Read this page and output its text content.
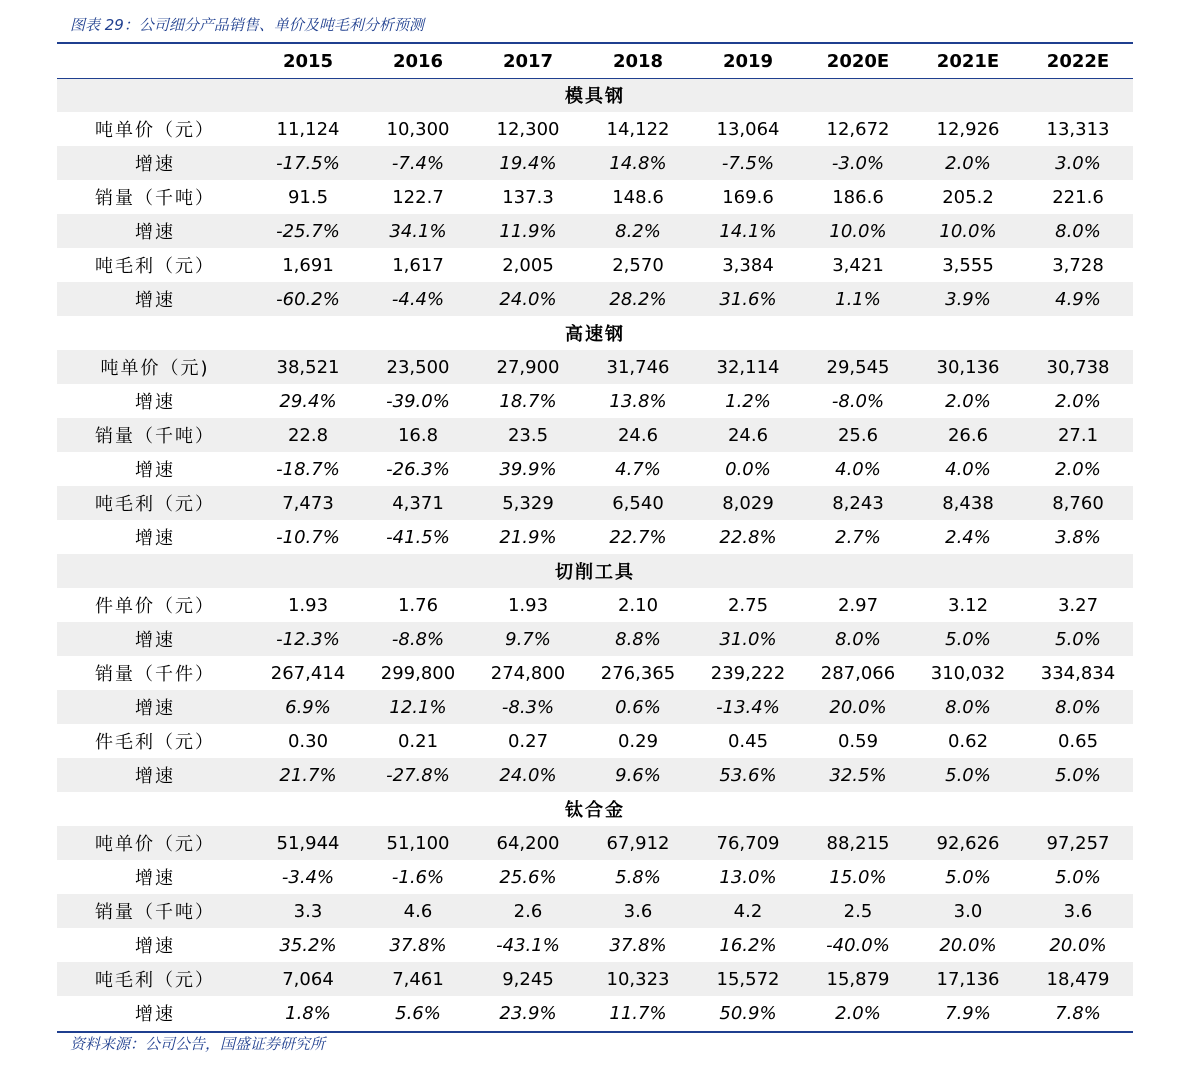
图表 29：公司细分产品销售、单价及吨毛利分析预测
	2015	2016	2017	2018	2019	2020E	2021E	2022E
模具钢								
吨单价（元）	11,124	10,300	12,300	14,122	13,064	12,672	12,926	13,313
增速	-17.5%	-7.4%	19.4%	14.8%	-7.5%	-3.0%	2.0%	3.0%
销量（千吨）	91.5	122.7	137.3	148.6	169.6	186.6	205.2	221.6
增速	-25.7%	34.1%	11.9%	8.2%	14.1%	10.0%	10.0%	8.0%
吨毛利（元）	1,691	1,617	2,005	2,570	3,384	3,421	3,555	3,728
增速	-60.2%	-4.4%	24.0%	28.2%	31.6%	1.1%	3.9%	4.9%
高速钢								
吨单价（元)	38,521	23,500	27,900	31,746	32,114	29,545	30,136	30,738
增速	29.4%	-39.0%	18.7%	13.8%	1.2%	-8.0%	2.0%	2.0%
销量（千吨）	22.8	16.8	23.5	24.6	24.6	25.6	26.6	27.1
增速	-18.7%	-26.3%	39.9%	4.7%	0.0%	4.0%	4.0%	2.0%
吨毛利（元）	7,473	4,371	5,329	6,540	8,029	8,243	8,438	8,760
增速	-10.7%	-41.5%	21.9%	22.7%	22.8%	2.7%	2.4%	3.8%
切削工具								
件单价（元）	1.93	1.76	1.93	2.10	2.75	2.97	3.12	3.27
增速	-12.3%	-8.8%	9.7%	8.8%	31.0%	8.0%	5.0%	5.0%
销量（千件）	267,414	299,800	274,800	276,365	239,222	287,066	310,032	334,834
增速	6.9%	12.1%	-8.3%	0.6%	-13.4%	20.0%	8.0%	8.0%
件毛利（元）	0.30	0.21	0.27	0.29	0.45	0.59	0.62	0.65
增速	21.7%	-27.8%	24.0%	9.6%	53.6%	32.5%	5.0%	5.0%
钛合金								
吨单价（元）	51,944	51,100	64,200	67,912	76,709	88,215	92,626	97,257
增速	-3.4%	-1.6%	25.6%	5.8%	13.0%	15.0%	5.0%	5.0%
销量（千吨）	3.3	4.6	2.6	3.6	4.2	2.5	3.0	3.6
增速	35.2%	37.8%	-43.1%	37.8%	16.2%	-40.0%	20.0%	20.0%
吨毛利（元）	7,064	7,461	9,245	10,323	15,572	15,879	17,136	18,479
增速	1.8%	5.6%	23.9%	11.7%	50.9%	2.0%	7.9%	7.8%
资料来源：公司公告，国盛证券研究所
